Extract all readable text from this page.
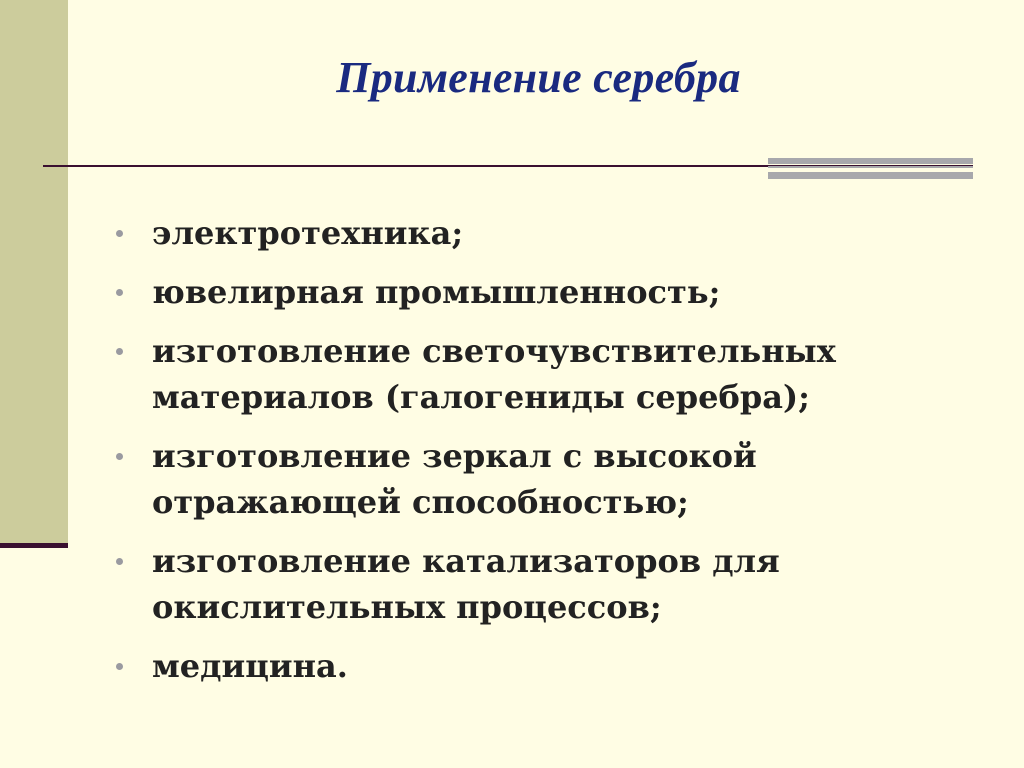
Применение серебра
электротехника;
ювелирная промышленность;
изготовление светочувствительных материалов (галогениды серебра);
изготовление зеркал с высокой отражающей способностью;
изготовление катализаторов для окислительных процессов;
медицина.
